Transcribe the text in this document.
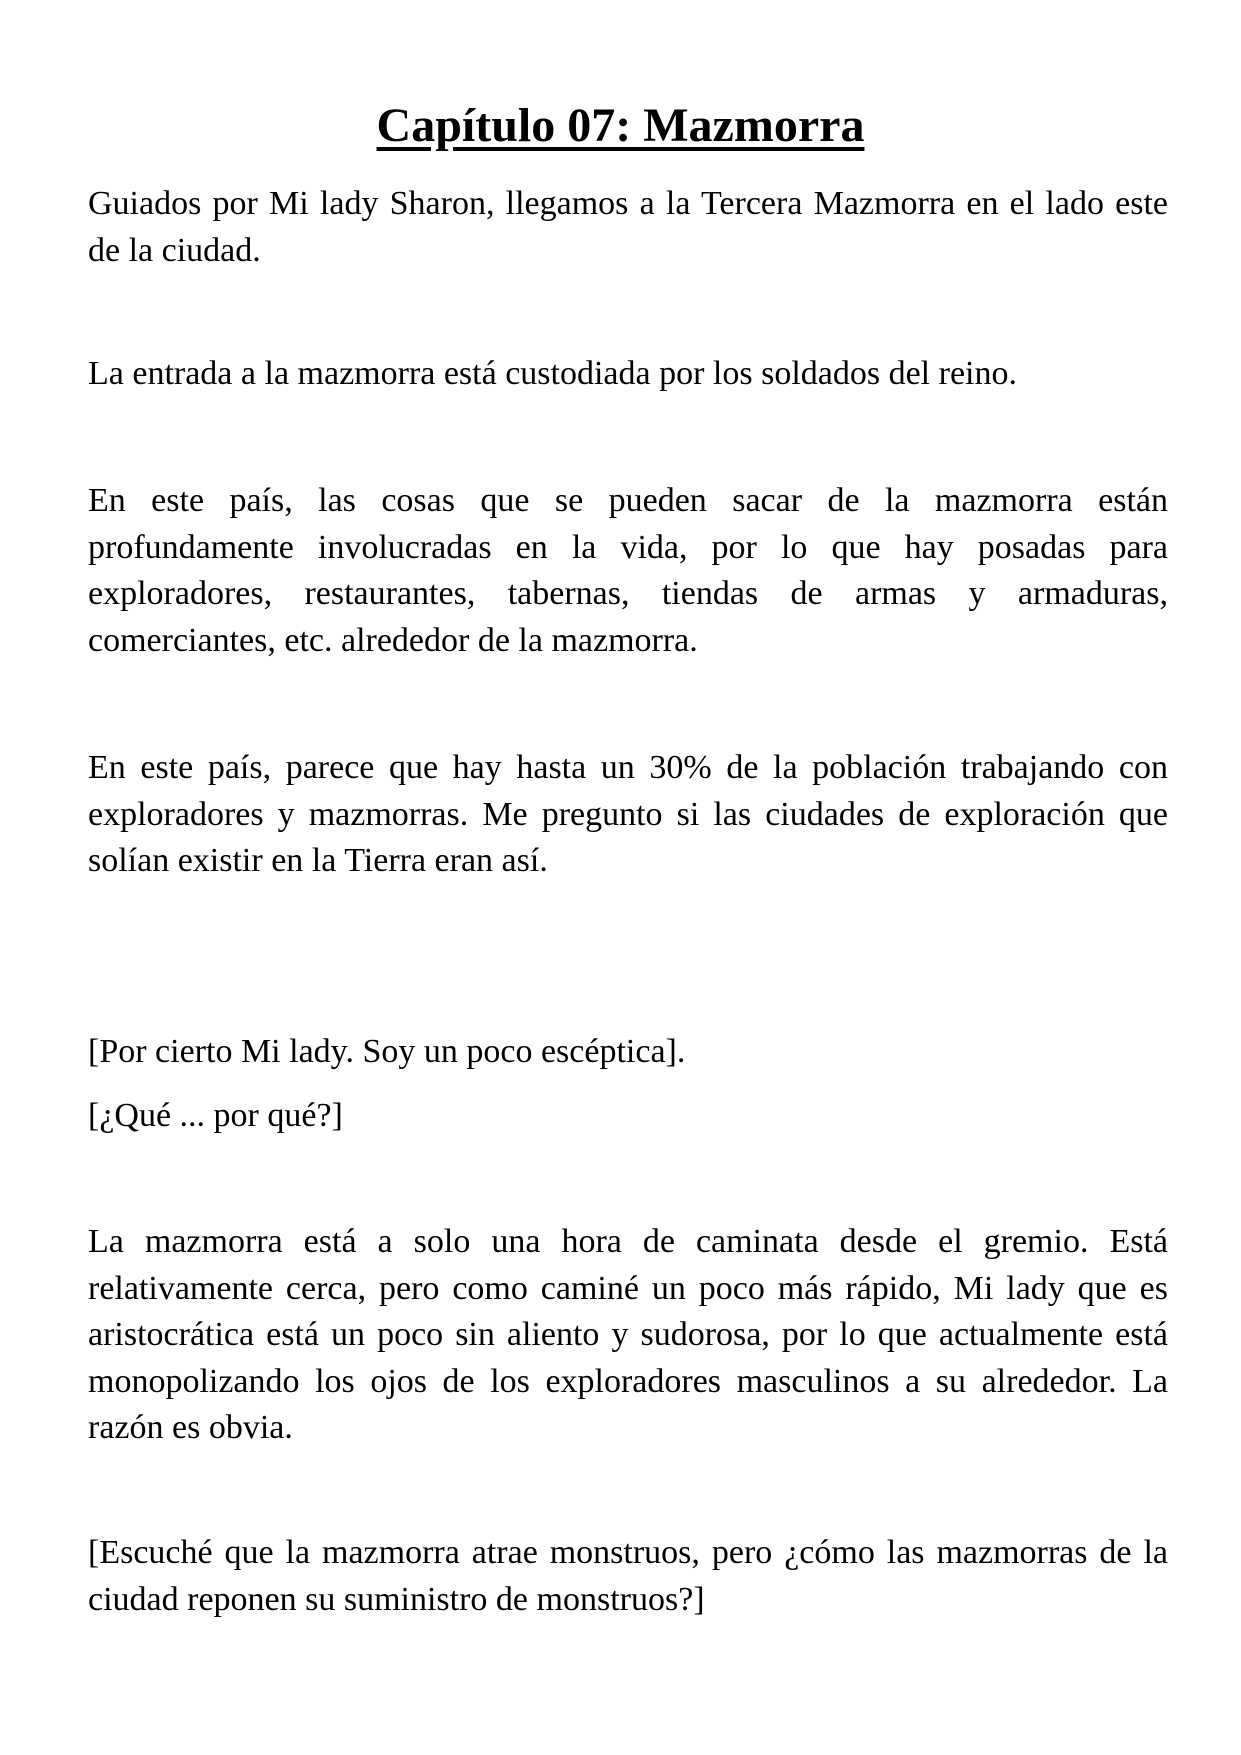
Capítulo 07: Mazmorra

Guiados por Mi lady Sharon, llegamos a la Tercera Mazmorra en el lado este de la ciudad.

La entrada a la mazmorra está custodiada por los soldados del reino.

En este país, las cosas que se pueden sacar de la mazmorra están profundamente involucradas en la vida, por lo que hay posadas para exploradores, restaurantes, tabernas, tiendas de armas y armaduras, comerciantes, etc. alrededor de la mazmorra.

En este país, parece que hay hasta un 30% de la población trabajando con exploradores y mazmorras. Me pregunto si las ciudades de exploración que solían existir en la Tierra eran así.

[Por cierto Mi lady. Soy un poco escéptica].

[¿Qué ... por qué?]

La mazmorra está a solo una hora de caminata desde el gremio. Está relativamente cerca, pero como caminé un poco más rápido, Mi lady que es aristocrática está un poco sin aliento y sudorosa, por lo que actualmente está monopolizando los ojos de los exploradores masculinos a su alrededor. La razón es obvia.

[Escuché que la mazmorra atrae monstruos, pero ¿cómo las mazmorras de la ciudad reponen su suministro de monstruos?]
